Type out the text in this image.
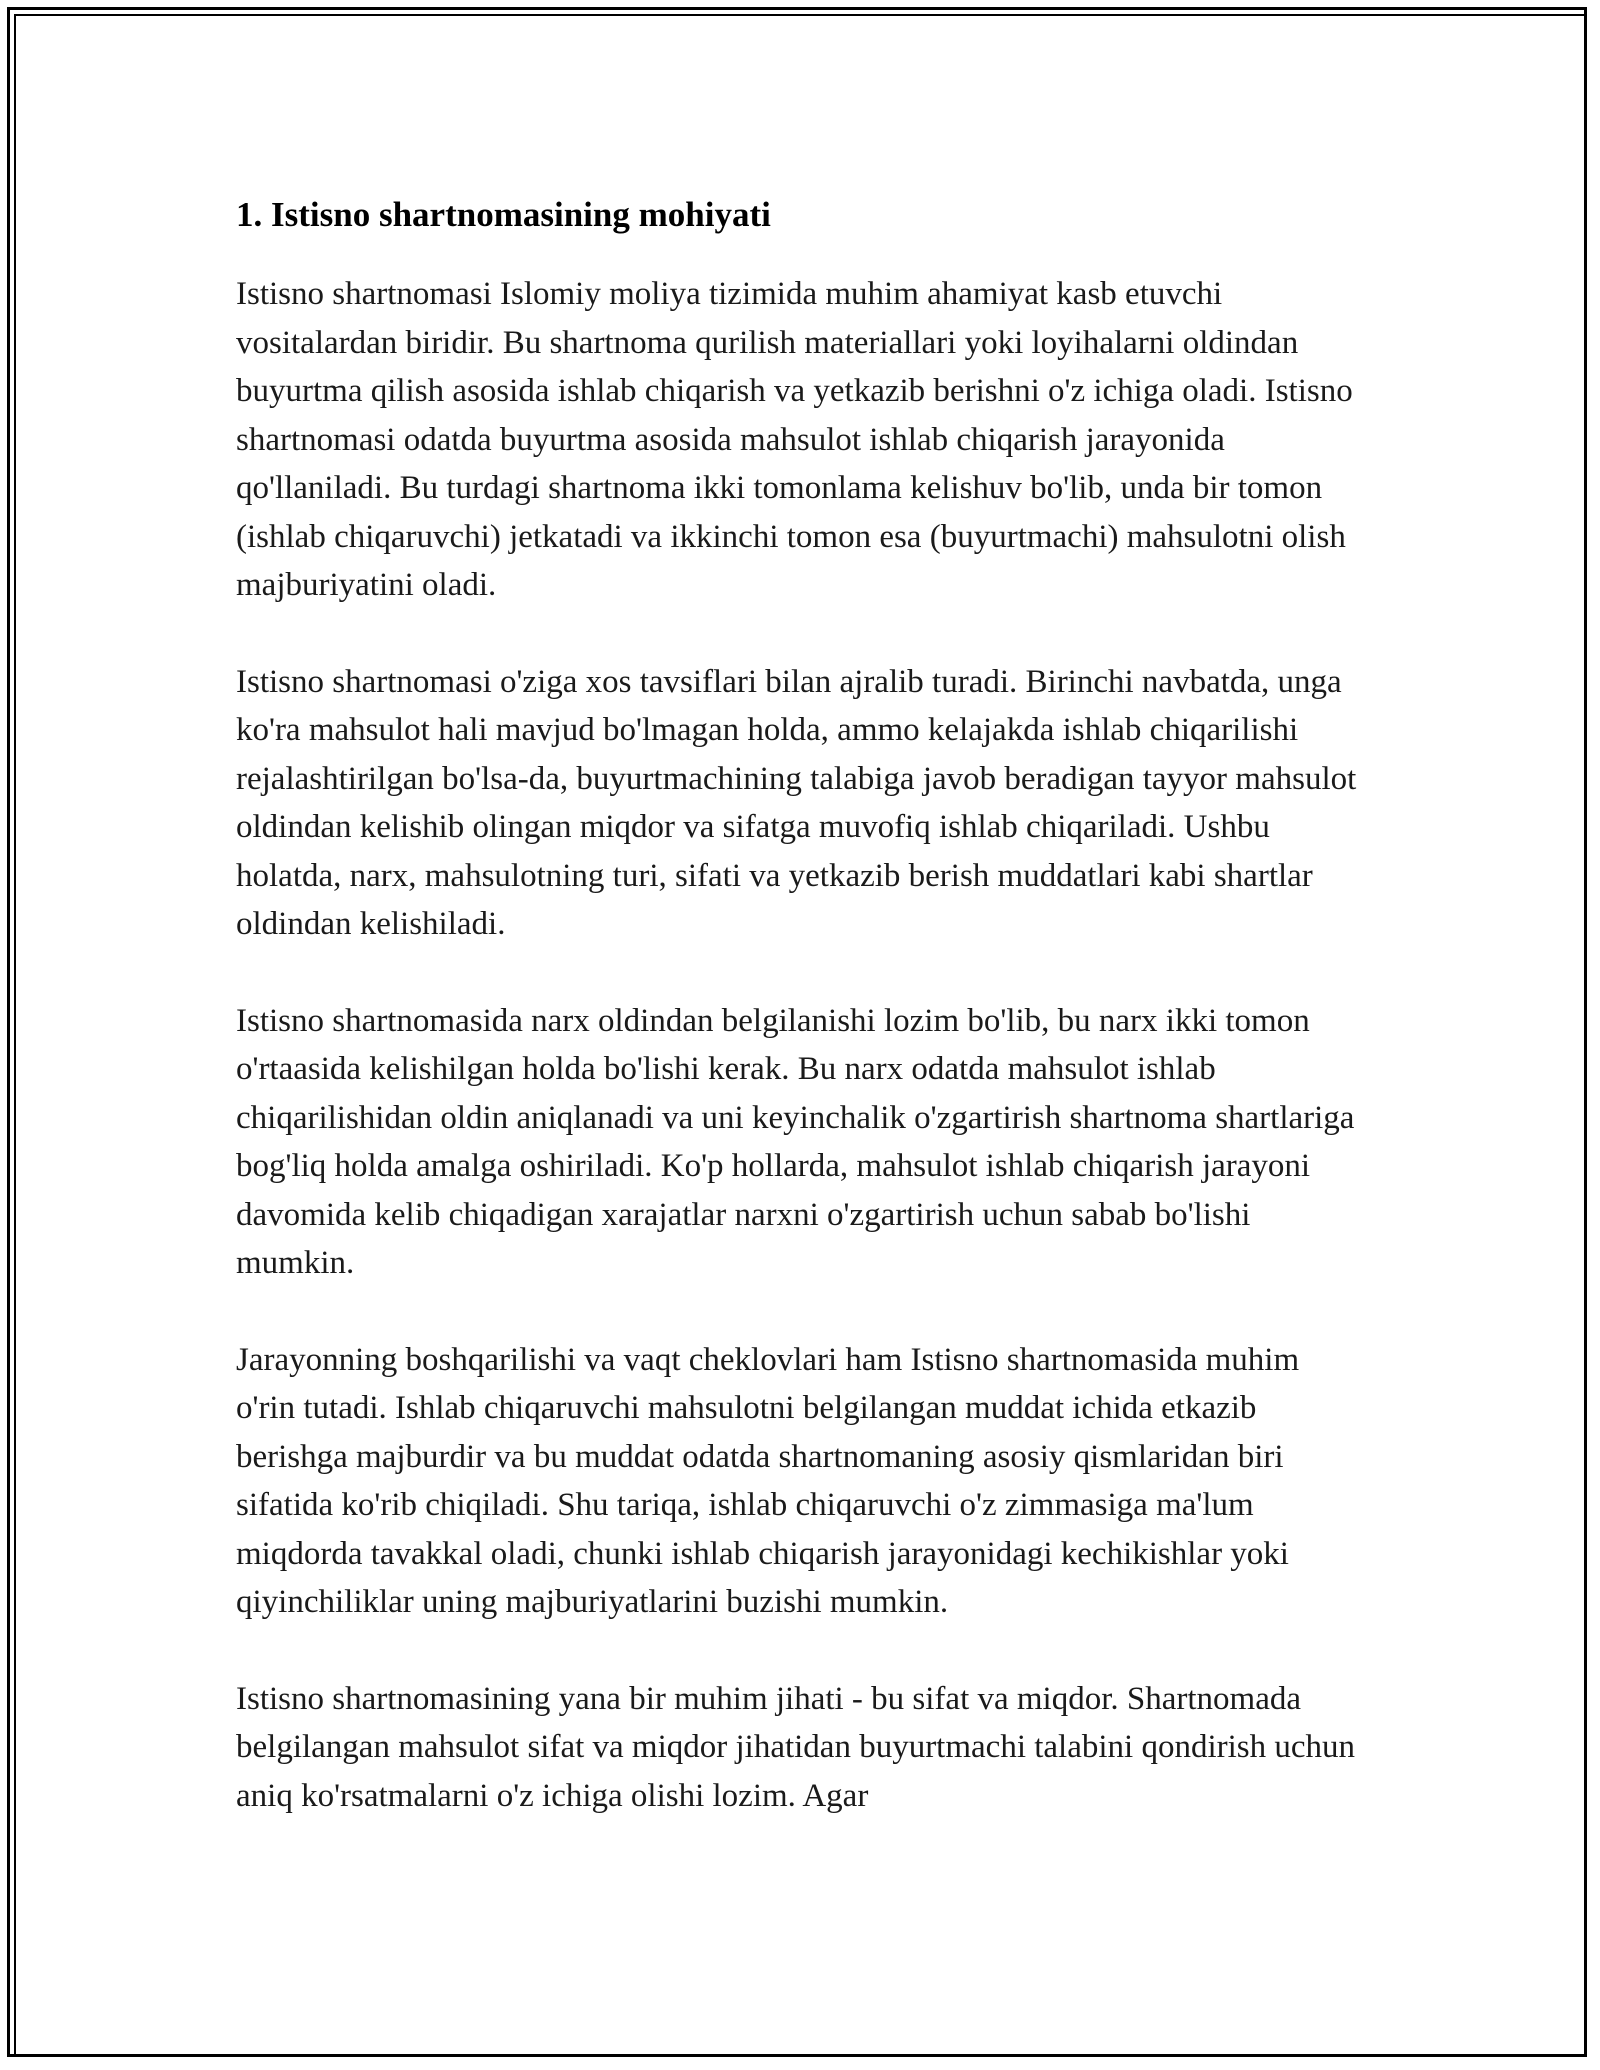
1. Istisno shartnomasining mohiyati

Istisno shartnomasi Islomiy moliya tizimida muhim ahamiyat kasb etuvchi vositalardan biridir. Bu shartnoma qurilish materiallari yoki loyihalarni oldindan buyurtma qilish asosida ishlab chiqarish va yetkazib berishni o'z ichiga oladi. Istisno shartnomasi odatda buyurtma asosida mahsulot ishlab chiqarish jarayonida qo'llaniladi. Bu turdagi shartnoma ikki tomonlama kelishuv bo'lib, unda bir tomon (ishlab chiqaruvchi) jetkatadi va ikkinchi tomon esa (buyurtmachi) mahsulotni olish majburiyatini oladi.

Istisno shartnomasi o'ziga xos tavsiflari bilan ajralib turadi. Birinchi navbatda, unga ko'ra mahsulot hali mavjud bo'lmagan holda, ammo kelajakda ishlab chiqarilishi rejalashtirilgan bo'lsa-da, buyurtmachining talabiga javob beradigan tayyor mahsulot oldindan kelishib olingan miqdor va sifatga muvofiq ishlab chiqariladi. Ushbu holatda, narx, mahsulotning turi, sifati va yetkazib berish muddatlari kabi shartlar oldindan kelishiladi.

Istisno shartnomasida narx oldindan belgilanishi lozim bo'lib, bu narx ikki tomon o'rtaasida kelishilgan holda bo'lishi kerak. Bu narx odatda mahsulot ishlab chiqarilishidan oldin aniqlanadi va uni keyinchalik o'zgartirish shartnoma shartlariga bog'liq holda amalga oshiriladi. Ko'p hollarda, mahsulot ishlab chiqarish jarayoni davomida kelib chiqadigan xarajatlar narxni o'zgartirish uchun sabab bo'lishi mumkin.

Jarayonning boshqarilishi va vaqt cheklovlari ham Istisno shartnomasida muhim o'rin tutadi. Ishlab chiqaruvchi mahsulotni belgilangan muddat ichida etkazib berishga majburdir va bu muddat odatda shartnomaning asosiy qismlaridan biri sifatida ko'rib chiqiladi. Shu tariqa, ishlab chiqaruvchi o'z zimmasiga ma'lum miqdorda tavakkal oladi, chunki ishlab chiqarish jarayonidagi kechikishlar yoki qiyinchiliklar uning majburiyatlarini buzishi mumkin.

Istisno shartnomasining yana bir muhim jihati - bu sifat va miqdor. Shartnomada belgilangan mahsulot sifat va miqdor jihatidan buyurtmachi talabini qondirish uchun aniq ko'rsatmalarni o'z ichiga olishi lozim. Agar
